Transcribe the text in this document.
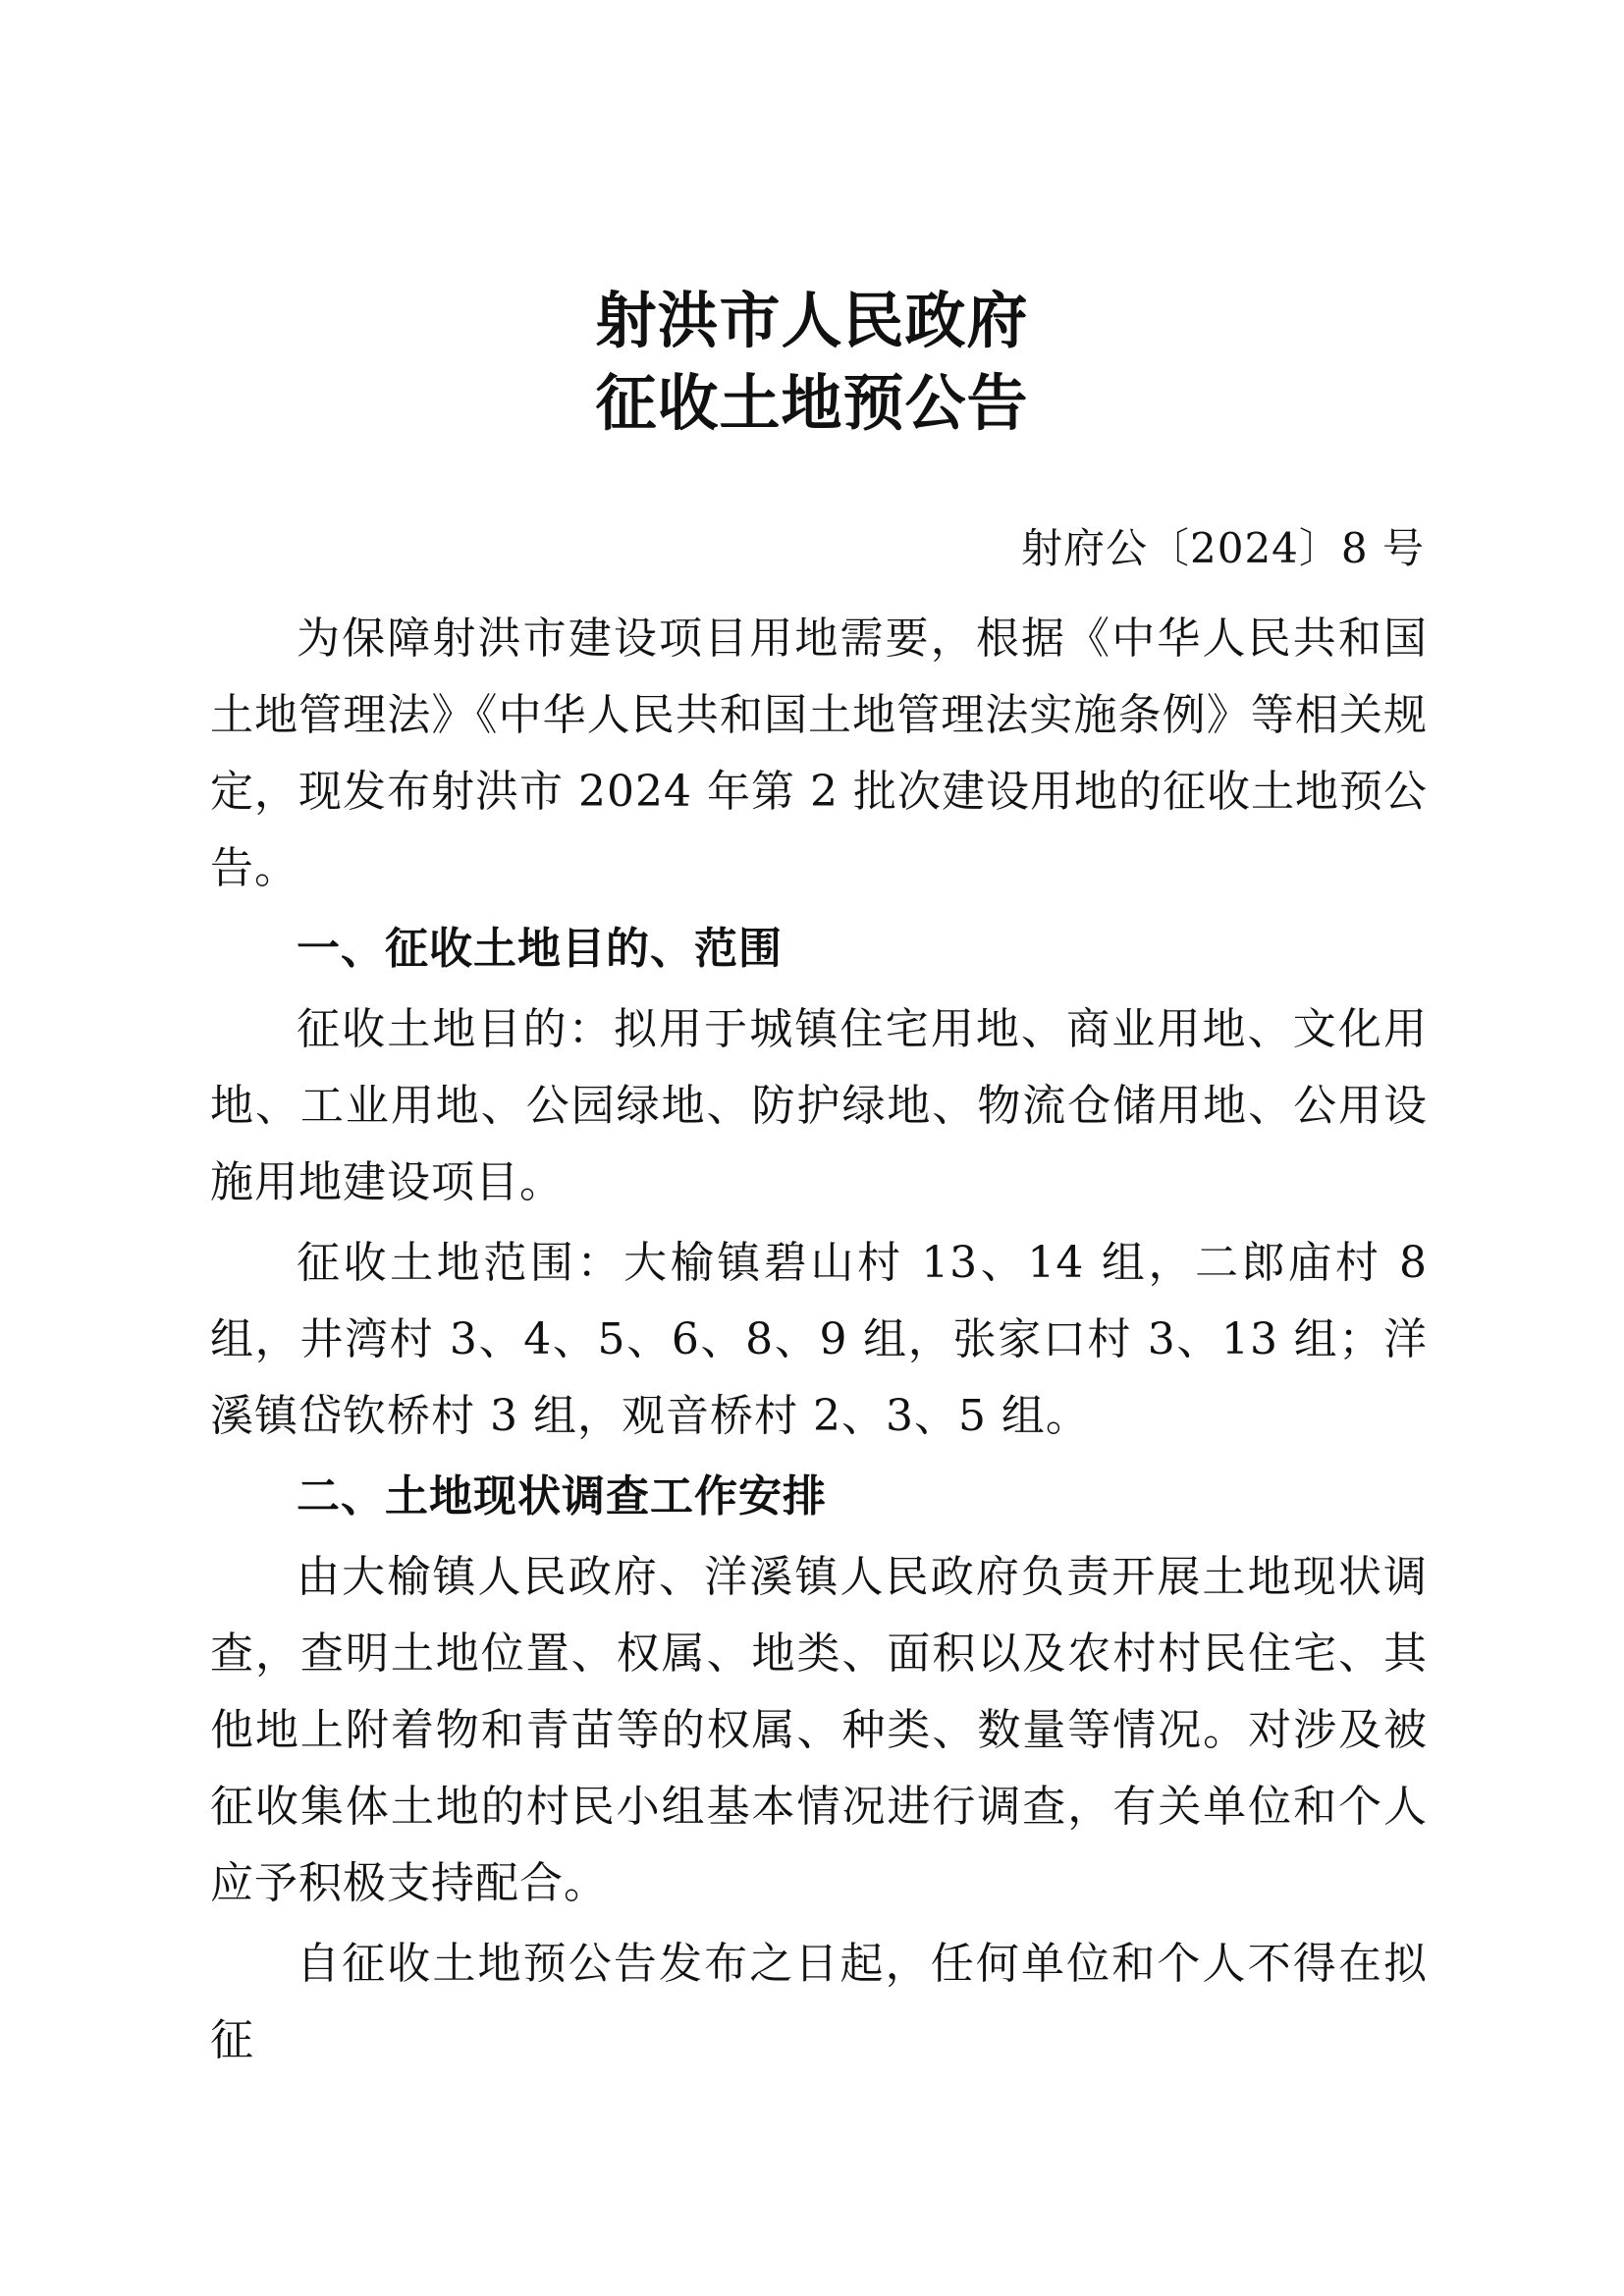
射洪市人民政府
征收土地预公告
射府公〔2024〕8 号

为保障射洪市建设项目用地需要，根据《中华人民共和国土地管理法》《中华人民共和国土地管理法实施条例》等相关规定，现发布射洪市 2024 年第 2 批次建设用地的征收土地预公告。

一、征收土地目的、范围

征收土地目的：拟用于城镇住宅用地、商业用地、文化用地、工业用地、公园绿地、防护绿地、物流仓储用地、公用设施用地建设项目。

征收土地范围：大榆镇碧山村 13、14 组，二郎庙村 8 组，井湾村 3、4、5、6、8、9 组，张家口村 3、13 组；洋溪镇岱钦桥村 3 组，观音桥村 2、3、5 组。

二、土地现状调查工作安排

由大榆镇人民政府、洋溪镇人民政府负责开展土地现状调查，查明土地位置、权属、地类、面积以及农村村民住宅、其他地上附着物和青苗等的权属、种类、数量等情况。对涉及被征收集体土地的村民小组基本情况进行调查，有关单位和个人应予积极支持配合。

自征收土地预公告发布之日起，任何单位和个人不得在拟征
